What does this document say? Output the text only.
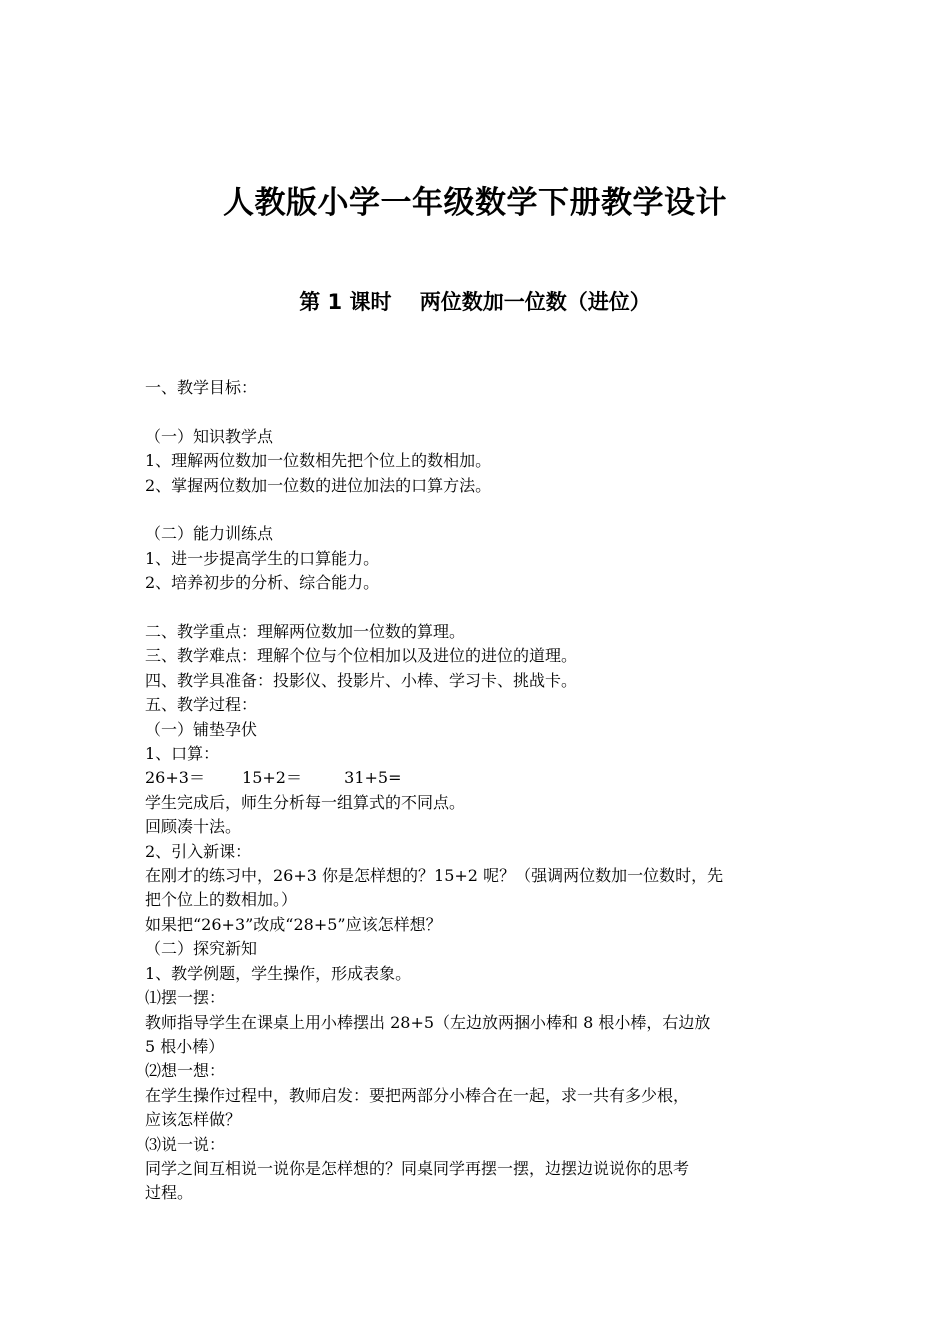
人教版小学一年级数学下册教学设计
第 1 课时　 两位数加一位数（进位）

一、教学目标：

（一）知识教学点

1、理解两位数加一位数相先把个位上的数相加。

2、掌握两位数加一位数的进位加法的口算方法。

（二）能力训练点

1、进一步提高学生的口算能力。

2、培养初步的分析、综合能力。

二、教学重点：理解两位数加一位数的算理。

三、教学难点：理解个位与个位相加以及进位的进位的道理。

四、教学具准备：投影仪、投影片、小棒、学习卡、挑战卡。

五、教学过程：

（一）铺垫孕伏

1、口算：

26+3＝　　 15+2＝ 　　 31+5=

学生完成后，师生分析每一组算式的不同点。

回顾凑十法。

2、引入新课：

在刚才的练习中，26+3 你是怎样想的？15+2 呢？（强调两位数加一位数时，先

把个位上的数相加。）

如果把“26+3”改成“28+5”应该怎样想？

（二）探究新知

1、教学例题，学生操作，形成表象。

⑴摆一摆：

教师指导学生在课桌上用小棒摆出 28+5（左边放两捆小棒和 8 根小棒，右边放

5 根小棒）

⑵想一想：

在学生操作过程中，教师启发：要把两部分小棒合在一起，求一共有多少根，

应该怎样做？

⑶说一说：

同学之间互相说一说你是怎样想的？同桌同学再摆一摆，边摆边说说你的思考

过程。
